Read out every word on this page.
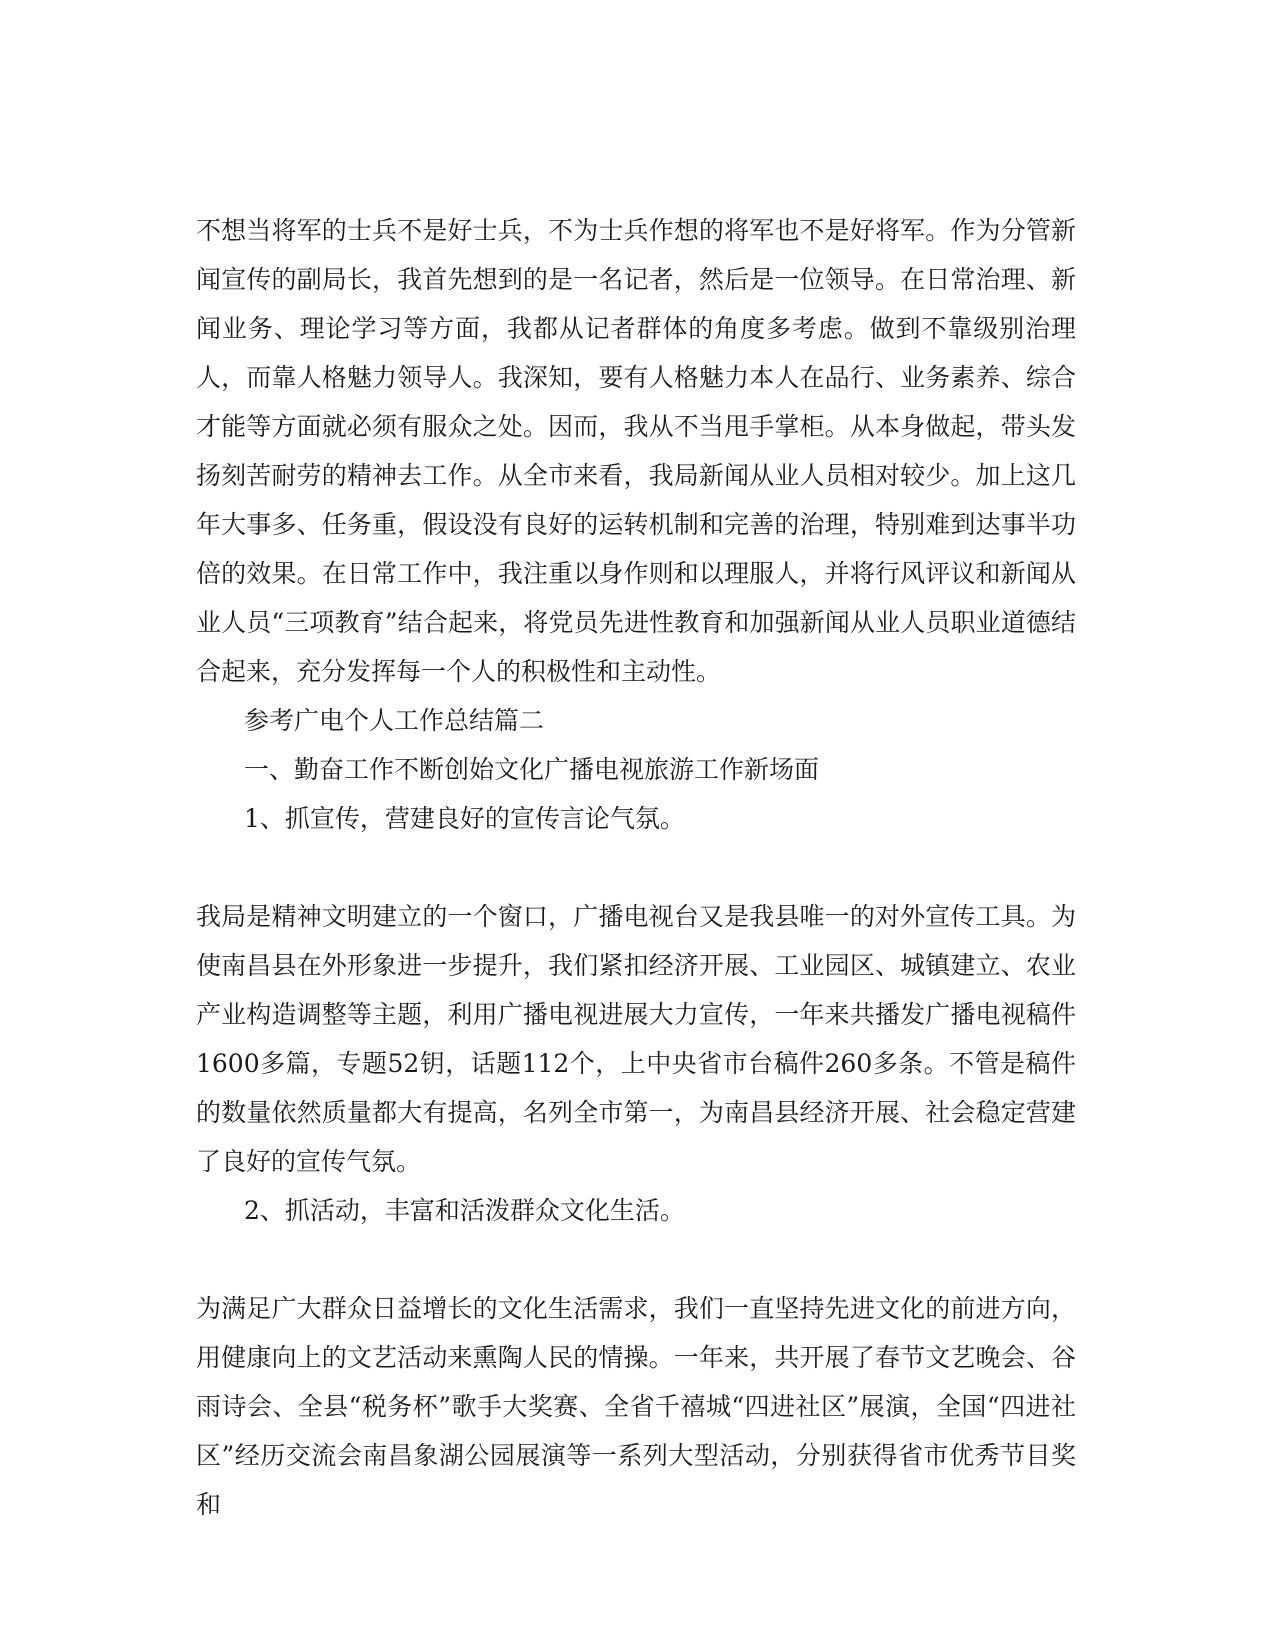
不想当将军的士兵不是好士兵，不为士兵作想的将军也不是好将军。作为分管新闻宣传的副局长，我首先想到的是一名记者，然后是一位领导。在日常治理、新闻业务、理论学习等方面，我都从记者群体的角度多考虑。做到不靠级别治理人，而靠人格魅力领导人。我深知，要有人格魅力本人在品行、业务素养、综合才能等方面就必须有服众之处。因而，我从不当甩手掌柜。从本身做起，带头发扬刻苦耐劳的精神去工作。从全市来看，我局新闻从业人员相对较少。加上这几年大事多、任务重，假设没有良好的运转机制和完善的治理，特别难到达事半功倍的效果。在日常工作中，我注重以身作则和以理服人，并将行风评议和新闻从业人员“三项教育”结合起来，将党员先进性教育和加强新闻从业人员职业道德结合起来，充分发挥每一个人的积极性和主动性。

参考广电个人工作总结篇二

一、勤奋工作不断创始文化广播电视旅游工作新场面

1、抓宣传，营建良好的宣传言论气氛。

我局是精神文明建立的一个窗口，广播电视台又是我县唯一的对外宣传工具。为使南昌县在外形象进一步提升，我们紧扣经济开展、工业园区、城镇建立、农业产业构造调整等主题，利用广播电视进展大力宣传，一年来共播发广播电视稿件1600多篇，专题52钥，话题112个，上中央省市台稿件260多条。不管是稿件的数量依然质量都大有提高，名列全市第一，为南昌县经济开展、社会稳定营建了良好的宣传气氛。

2、抓活动，丰富和活泼群众文化生活。

为满足广大群众日益增长的文化生活需求，我们一直坚持先进文化的前进方向，用健康向上的文艺活动来熏陶人民的情操。一年来，共开展了春节文艺晚会、谷雨诗会、全县“税务杯”歌手大奖赛、全省千禧城“四进社区”展演，全国“四进社区”经历交流会南昌象湖公园展演等一系列大型活动，分别获得省市优秀节目奖和
